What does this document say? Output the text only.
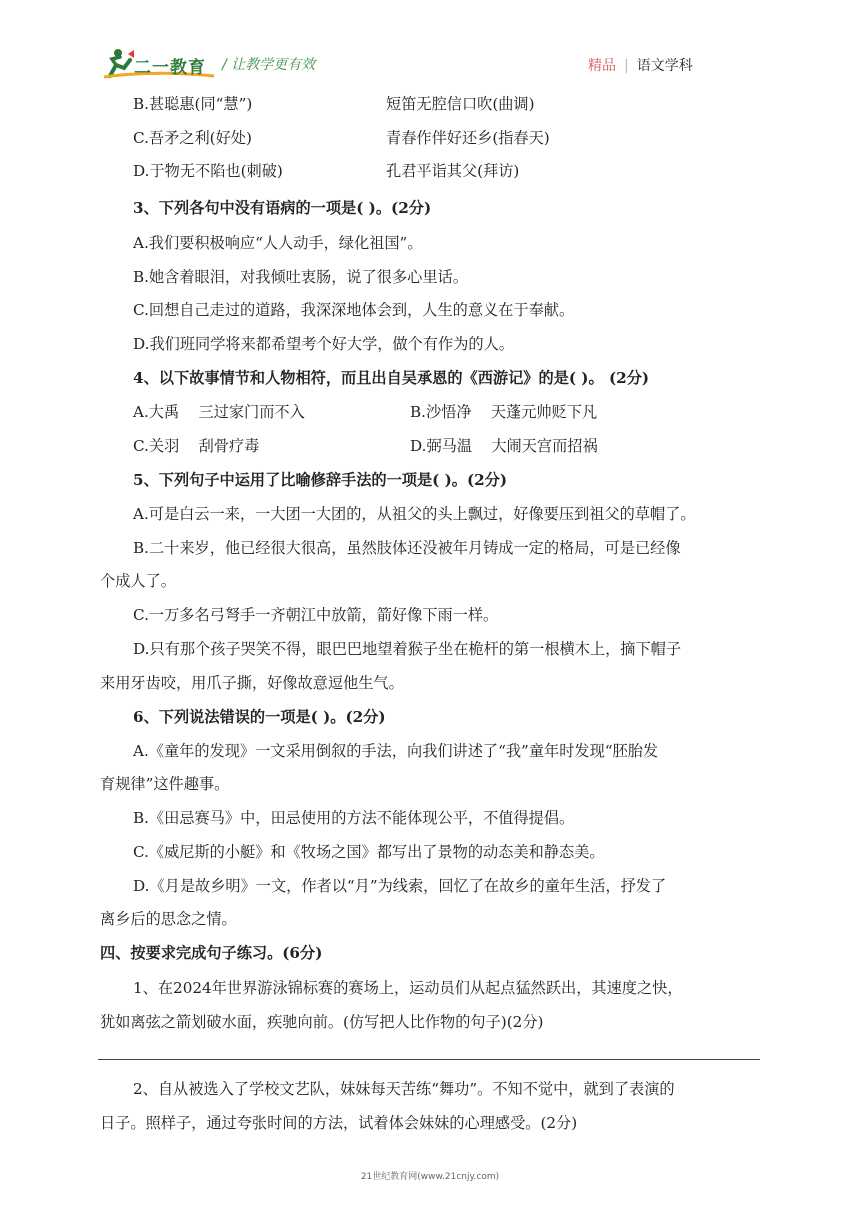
二一教育 / 让教学更有效	精品 | 语文学科
B.甚聪惠(同“慧”)	短笛无腔信口吹(曲调)
C.吾矛之利(好处)	青春作伴好还乡(指春天)
D.于物无不陷也(刺破)	孔君平诣其父(拜访)
3、下列各句中没有语病的一项是( )。(2分)
A.我们要积极响应“人人动手，绿化祖国”。
B.她含着眼泪，对我倾吐衷肠，说了很多心里话。
C.回想自己走过的道路，我深深地体会到，人生的意义在于奉献。
D.我们班同学将来都希望考个好大学，做个有作为的人。
4、以下故事情节和人物相符，而且出自吴承恩的《西游记》的是( )。 (2分)
A.大禹    三过家门而不入	B.沙悟净    天蓬元帅贬下凡
C.关羽    刮骨疗毒	D.弼马温    大闹天宫而招祸
5、下列句子中运用了比喻修辞手法的一项是( )。(2分)
A.可是白云一来，一大团一大团的，从祖父的头上飘过，好像要压到祖父的草帽了。
B.二十来岁，他已经很大很高，虽然肢体还没被年月铸成一定的格局，可是已经像
个成人了。
C.一万多名弓弩手一齐朝江中放箭，箭好像下雨一样。
D.只有那个孩子哭笑不得，眼巴巴地望着猴子坐在桅杆的第一根横木上，摘下帽子
来用牙齿咬，用爪子撕，好像故意逗他生气。
6、下列说法错误的一项是( )。(2分)
A.《童年的发现》一文采用倒叙的手法，向我们讲述了“我”童年时发现“胚胎发
育规律”这件趣事。
B.《田忌赛马》中，田忌使用的方法不能体现公平，不值得提倡。
C.《威尼斯的小艇》和《牧场之国》都写出了景物的动态美和静态美。
D.《月是故乡明》一文，作者以“月”为线索，回忆了在故乡的童年生活，抒发了
离乡后的思念之情。
四、按要求完成句子练习。(6分)
1、在2024年世界游泳锦标赛的赛场上，运动员们从起点猛然跃出，其速度之快，
犹如离弦之箭划破水面，疾驰向前。(仿写把人比作物的句子)(2分)
2、自从被选入了学校文艺队，妹妹每天苦练“舞功”。不知不觉中，就到了表演的
日子。照样子，通过夸张时间的方法，试着体会妹妹的心理感受。(2分)
21世纪教育网(www.21cnjy.com)
